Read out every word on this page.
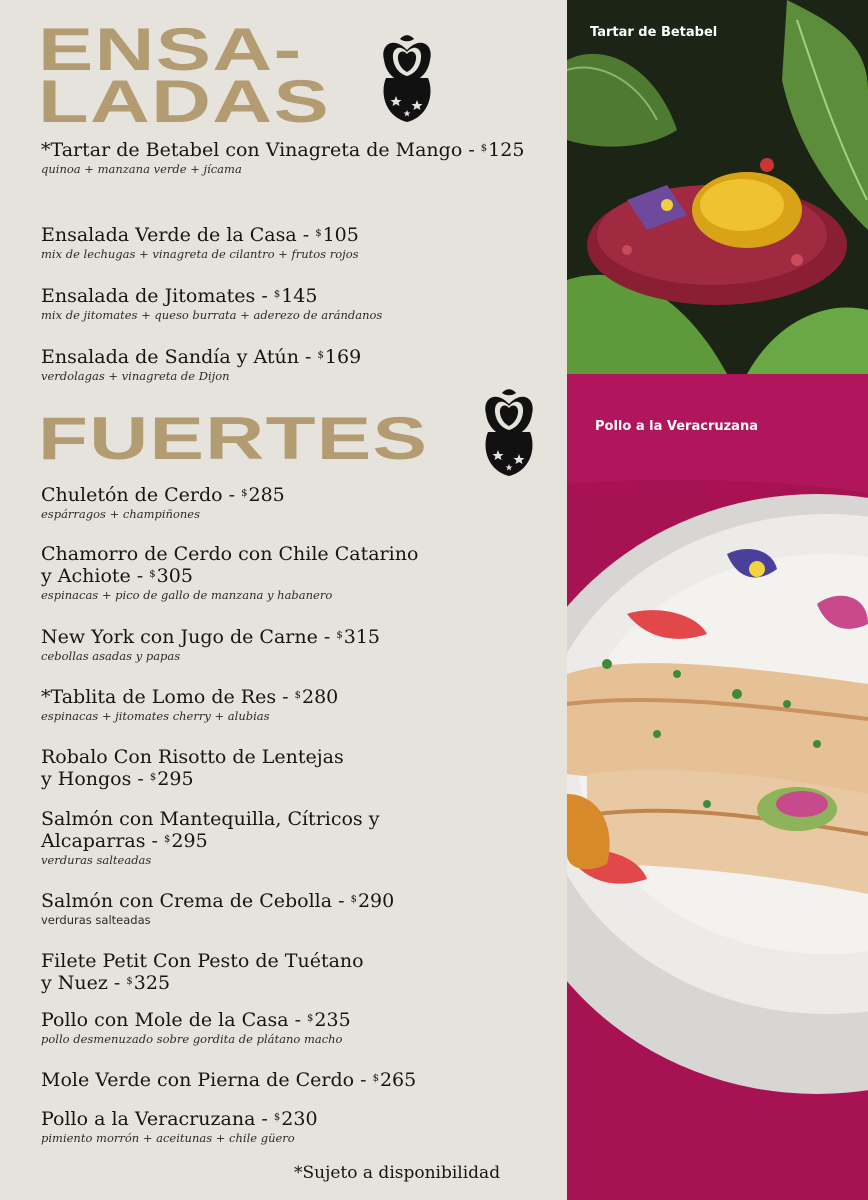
ENSA-
LADAS
*Tartar de Betabel con Vinagreta de Mango - $125
quinoa + manzana verde + jícama
Ensalada Verde de la Casa - $105
mix de lechugas + vinagreta de cilantro + frutos rojos
Ensalada de Jitomates - $145
mix de jitomates + queso burrata + aderezo de arándanos
Ensalada de Sandía y Atún - $169
verdolagas + vinagreta de Dijon
FUERTES
Chuletón de Cerdo - $285
espárragos + champiñones
Chamorro de Cerdo con Chile Catarino
y Achiote - $305
espinacas + pico de gallo de manzana y habanero
New York con Jugo de Carne - $315
cebollas asadas y papas
*Tablita de Lomo de Res - $280
espinacas + jitomates cherry + alubias
Robalo Con Risotto de Lentejas
y Hongos - $295
Salmón con Mantequilla, Cítricos y
Alcaparras - $295
verduras salteadas
Salmón con Crema de Cebolla - $290
verduras salteadas
Filete Petit Con Pesto de Tuétano
y Nuez - $325
Pollo con Mole de la Casa - $235
pollo desmenuzado sobre gordita de plátano macho
Mole Verde con Pierna de Cerdo - $265
Pollo a la Veracruzana - $230
pimiento morrón + aceitunas + chile güero
*Sujeto a disponibilidad
Tartar de Betabel
Pollo a la Veracruzana
